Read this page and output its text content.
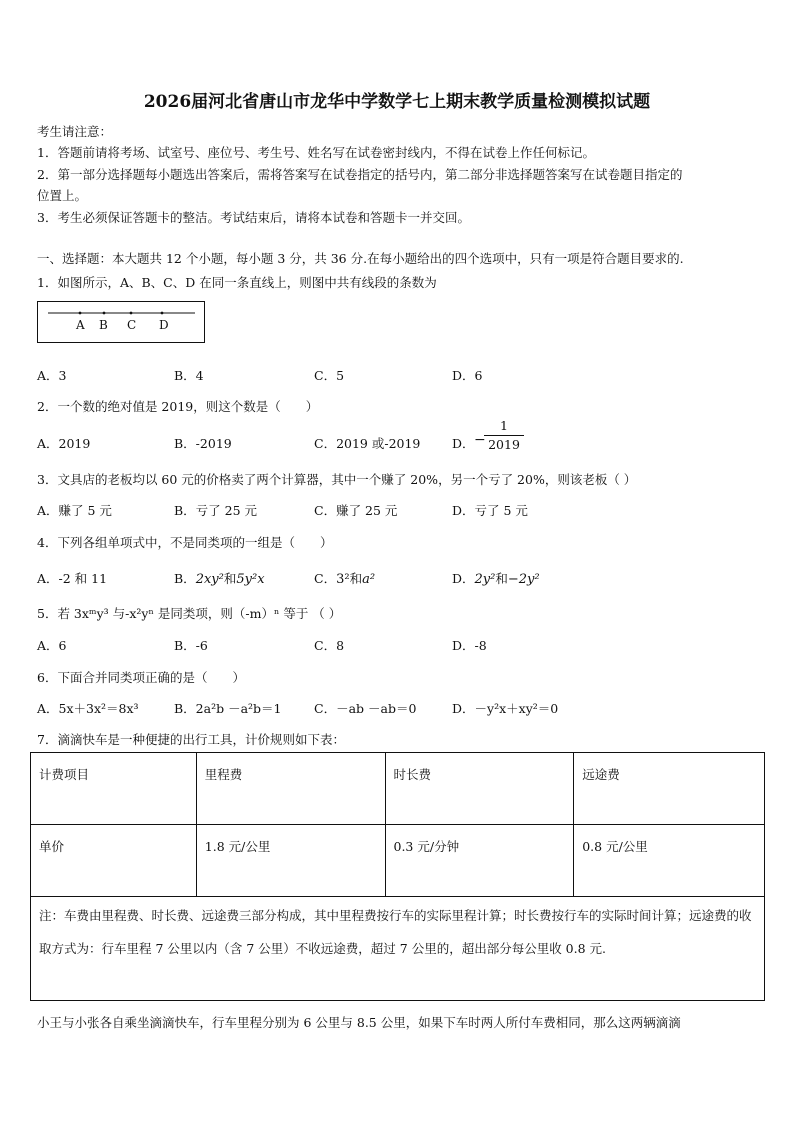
2026届河北省唐山市龙华中学数学七上期末教学质量检测模拟试题
考生请注意：
1．答题前请将考场、试室号、座位号、考生号、姓名写在试卷密封线内，不得在试卷上作任何标记。
2．第一部分选择题每小题选出答案后，需将答案写在试卷指定的括号内，第二部分非选择题答案写在试卷题目指定的
位置上。
3．考生必须保证答题卡的整洁。考试结束后，请将本试卷和答题卡一并交回。
一、选择题：本大题共 12 个小题，每小题 3 分，共 36 分.在每小题给出的四个选项中，只有一项是符合题目要求的.
1．如图所示，A、B、C、D 在同一条直线上，则图中共有线段的条数为
A B C D
A．3	B．4	C．5	D．6
2．一个数的绝对值是 2019，则这个数是（　　）
A．2019	B．-2019	C．2019 或-2019	D． −
1
2019
3．文具店的老板均以 60 元的价格卖了两个计算器，其中一个赚了 20%，另一个亏了 20%，则该老板（ ）
A．赚了 5 元	B．亏了 25 元	C．赚了 25 元	D．亏了 5 元
4．下列各组单项式中，不是同类项的一组是（　　）
A．-2 和 11	B．2xy²和5y²x	C．3²和a²	D．2y²和−2y²
5．若 3xᵐy³ 与-x²yⁿ 是同类项，则（-m）ⁿ 等于 （ ）
A．6	B．-6	C．8	D．-8
6．下面合并同类项正确的是（　　）
A．5x＋3x²＝8x³	B．2a²b －a²b＝1	C．－ab －ab＝0	D．－y²x＋xy²＝0
7．滴滴快车是一种便捷的出行工具，计价规则如下表：
计费项目	里程费	时长费	远途费
单价	1.8 元/公里	0.3 元/分钟	0.8 元/公里
注：车费由里程费、时长费、远途费三部分构成，其中里程费按行车的实际里程计算；时长费按行车的实际时间计算；远途费的收取方式为：行车里程 7 公里以内（含 7 公里）不收远途费，超过 7 公里的，超出部分每公里收 0.8 元.			
小王与小张各自乘坐滴滴快车，行车里程分别为 6 公里与 8.5 公里，如果下车时两人所付车费相同，那么这两辆滴滴
